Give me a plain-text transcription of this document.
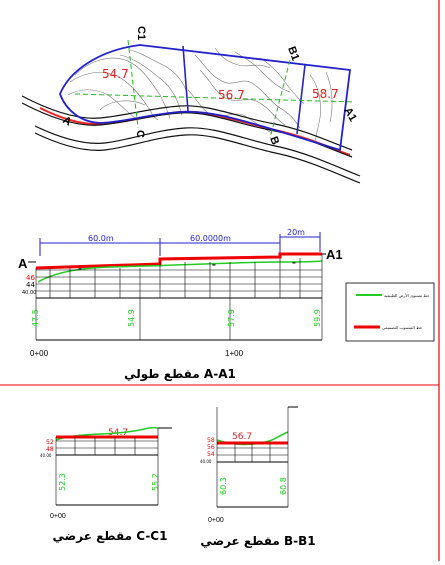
54.7
56.7	58.7
C1
C
B1
B
A	A1
60.0m	60.0000m
20m
A
A1
▬
▬	▬
46
44
40.00
47.5	54.9	57.9	59.9
0+00	1+00
مقطع طولي A-A1
خط مستوى الأرض الطبيعية
خط المنسوب التصميمي
54.7
52
48
40.00
52.3	55.2
0+00
مقطع عرضي C-C1
56.7
58
56
54
40.00
60.3	60.8
0+00
مقطع عرضي B-B1
